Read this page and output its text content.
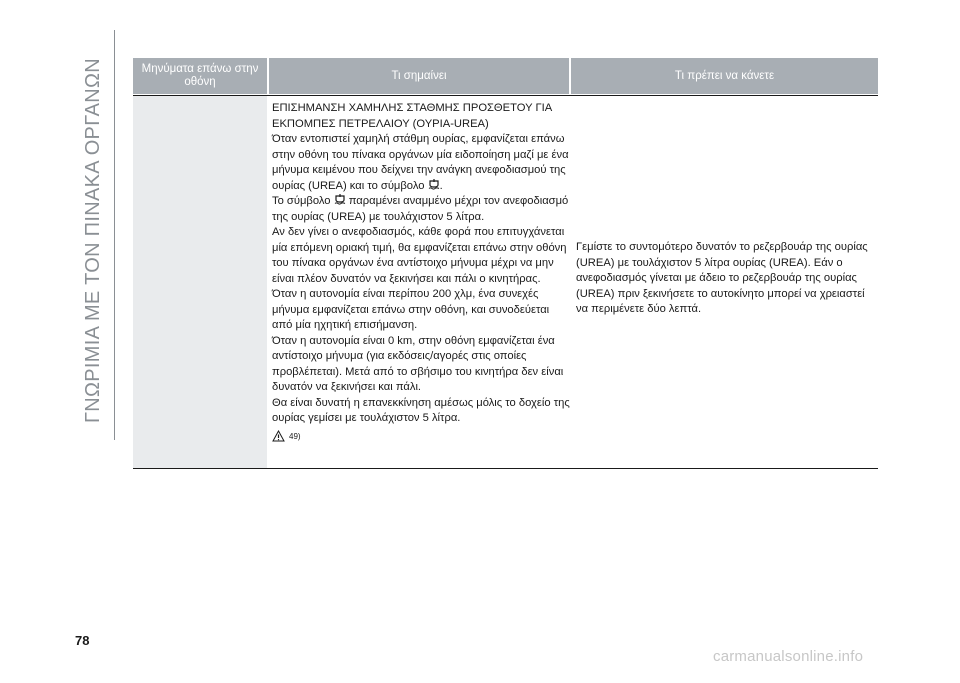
ΓΝΩΡΙΜΙΑ ΜΕ ΤΟΝ ΠΙΝΑΚΑ ΟΡΓΑΝΩΝ	Μηνύματα επάνω στην οθόνη
Τι σημαίνει	Τι πρέπει να κάνετε

ΕΠΙΣΗΜΑΝΣΗ ΧΑΜΗΛΗΣ ΣΤΑΘΜΗΣ ΠΡΟΣΘΕΤΟΥ ΓΙΑ ΕΚΠΟΜΠΕΣ ΠΕΤΡΕΛΑΙΟΥ (ΟΥΡΙΑ-UREA)

Όταν εντοπιστεί χαμηλή στάθμη ουρίας, εμφανίζεται επάνω στην οθόνη του πίνακα οργάνων μία ειδοποίηση μαζί με ένα μήνυμα κειμένου που δείχνει την ανάγκη ανεφοδιασμού της ουρίας (UREA) και το σύμβολο .

Το σύμβολο παραμένει αναμμένο μέχρι τον ανεφοδιασμό της ουρίας (UREA) με τουλάχιστον 5 λίτρα.

Αν δεν γίνει ο ανεφοδιασμός, κάθε φορά που επιτυγχάνεται μία επόμενη οριακή τιμή, θα εμφανίζεται επάνω στην οθόνη του πίνακα οργάνων ένα αντίστοιχο μήνυμα μέχρι να μην είναι πλέον δυνατόν να ξεκινήσει και πάλι ο κινητήρας.

Όταν η αυτονομία είναι περίπου 200 χλμ, ένα συνεχές μήνυμα εμφανίζεται επάνω στην οθόνη, και συνοδεύεται από μία ηχητική επισήμανση.

Όταν η αυτονομία είναι 0 km, στην οθόνη εμφανίζεται ένα αντίστοιχο μήνυμα (για εκδόσεις/αγορές στις οποίες προβλέπεται). Μετά από το σβήσιμο του κινητήρα δεν είναι δυνατόν να ξεκινήσει και πάλι.

Θα είναι δυνατή η επανεκκίνηση αμέσως μόλις το δοχείο της ουρίας γεμίσει με τουλάχιστον 5 λίτρα.

49)
Γεμίστε το συντομότερο δυνατόν το ρεζερβουάρ της ουρίας (UREA) με τουλάχιστον 5 λίτρα ουρίας (UREA). Εάν ο ανεφοδιασμός γίνεται με άδειο το ρεζερβουάρ της ουρίας (UREA) πριν ξεκινήσετε το αυτοκίνητο μπορεί να χρειαστεί να περιμένετε δύο λεπτά.
78
carmanualsonline.info
